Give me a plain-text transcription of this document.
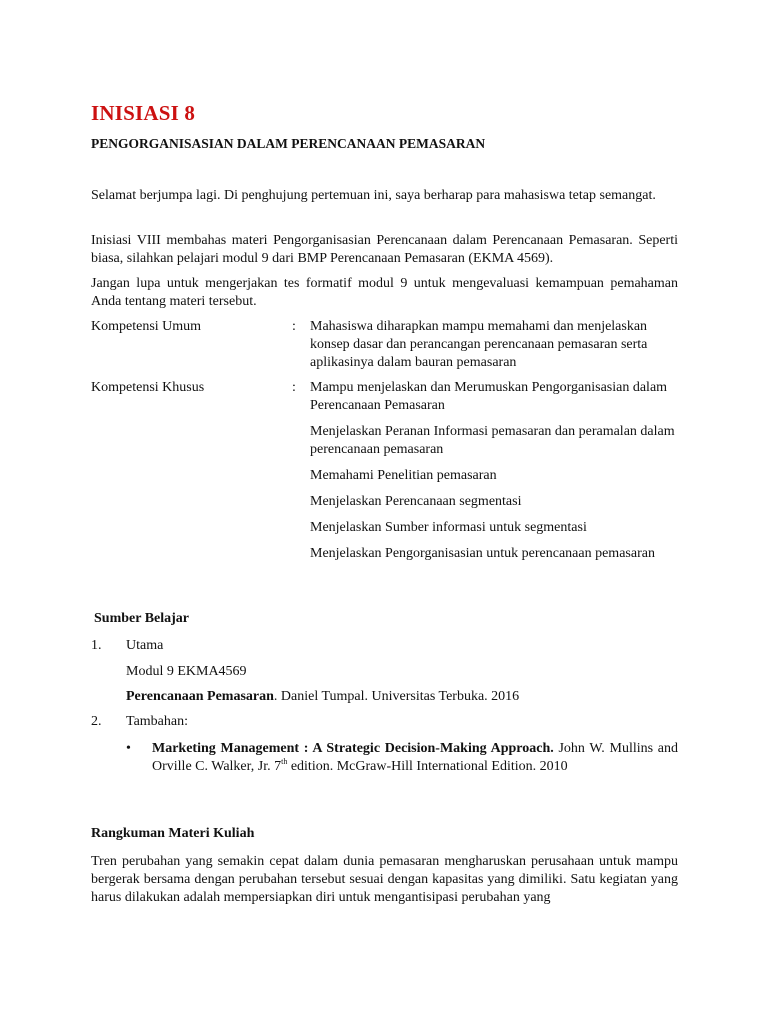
INISIASI 8
PENGORGANISASIAN DALAM PERENCANAAN PEMASARAN
Selamat berjumpa lagi. Di penghujung pertemuan ini, saya berharap para mahasiswa tetap semangat.
Inisiasi VIII membahas materi Pengorganisasian Perencanaan dalam Perencanaan Pemasaran. Seperti biasa, silahkan pelajari modul 9 dari BMP Perencanaan Pemasaran (EKMA 4569).
Jangan lupa untuk mengerjakan tes formatif modul 9 untuk mengevaluasi kemampuan pemahaman Anda tentang materi tersebut.
Kompetensi Umum	: Mahasiswa diharapkan mampu memahami dan menjelaskan konsep dasar dan perancangan perencanaan pemasaran serta aplikasinya dalam bauran pemasaran
Kompetensi Khusus	: Mampu menjelaskan dan Merumuskan Pengorganisasian dalam Perencanaan Pemasaran
Menjelaskan Peranan Informasi pemasaran dan peramalan dalam perencanaan pemasaran
Memahami Penelitian pemasaran
Menjelaskan Perencanaan segmentasi
Menjelaskan Sumber informasi untuk segmentasi
Menjelaskan Pengorganisasian untuk perencanaan pemasaran
Sumber Belajar
1. Utama
Modul 9 EKMA4569
Perencanaan Pemasaran. Daniel Tumpal. Universitas Terbuka. 2016
2. Tambahan:
• Marketing Management : A Strategic Decision-Making Approach. John W. Mullins and Orville C. Walker, Jr. 7th edition. McGraw-Hill International Edition. 2010
Rangkuman Materi Kuliah
Tren perubahan yang semakin cepat dalam dunia pemasaran mengharuskan perusahaan untuk mampu bergerak bersama dengan perubahan tersebut sesuai dengan kapasitas yang dimiliki. Satu kegiatan yang harus dilakukan adalah mempersiapkan diri untuk mengantisipasi perubahan yang
